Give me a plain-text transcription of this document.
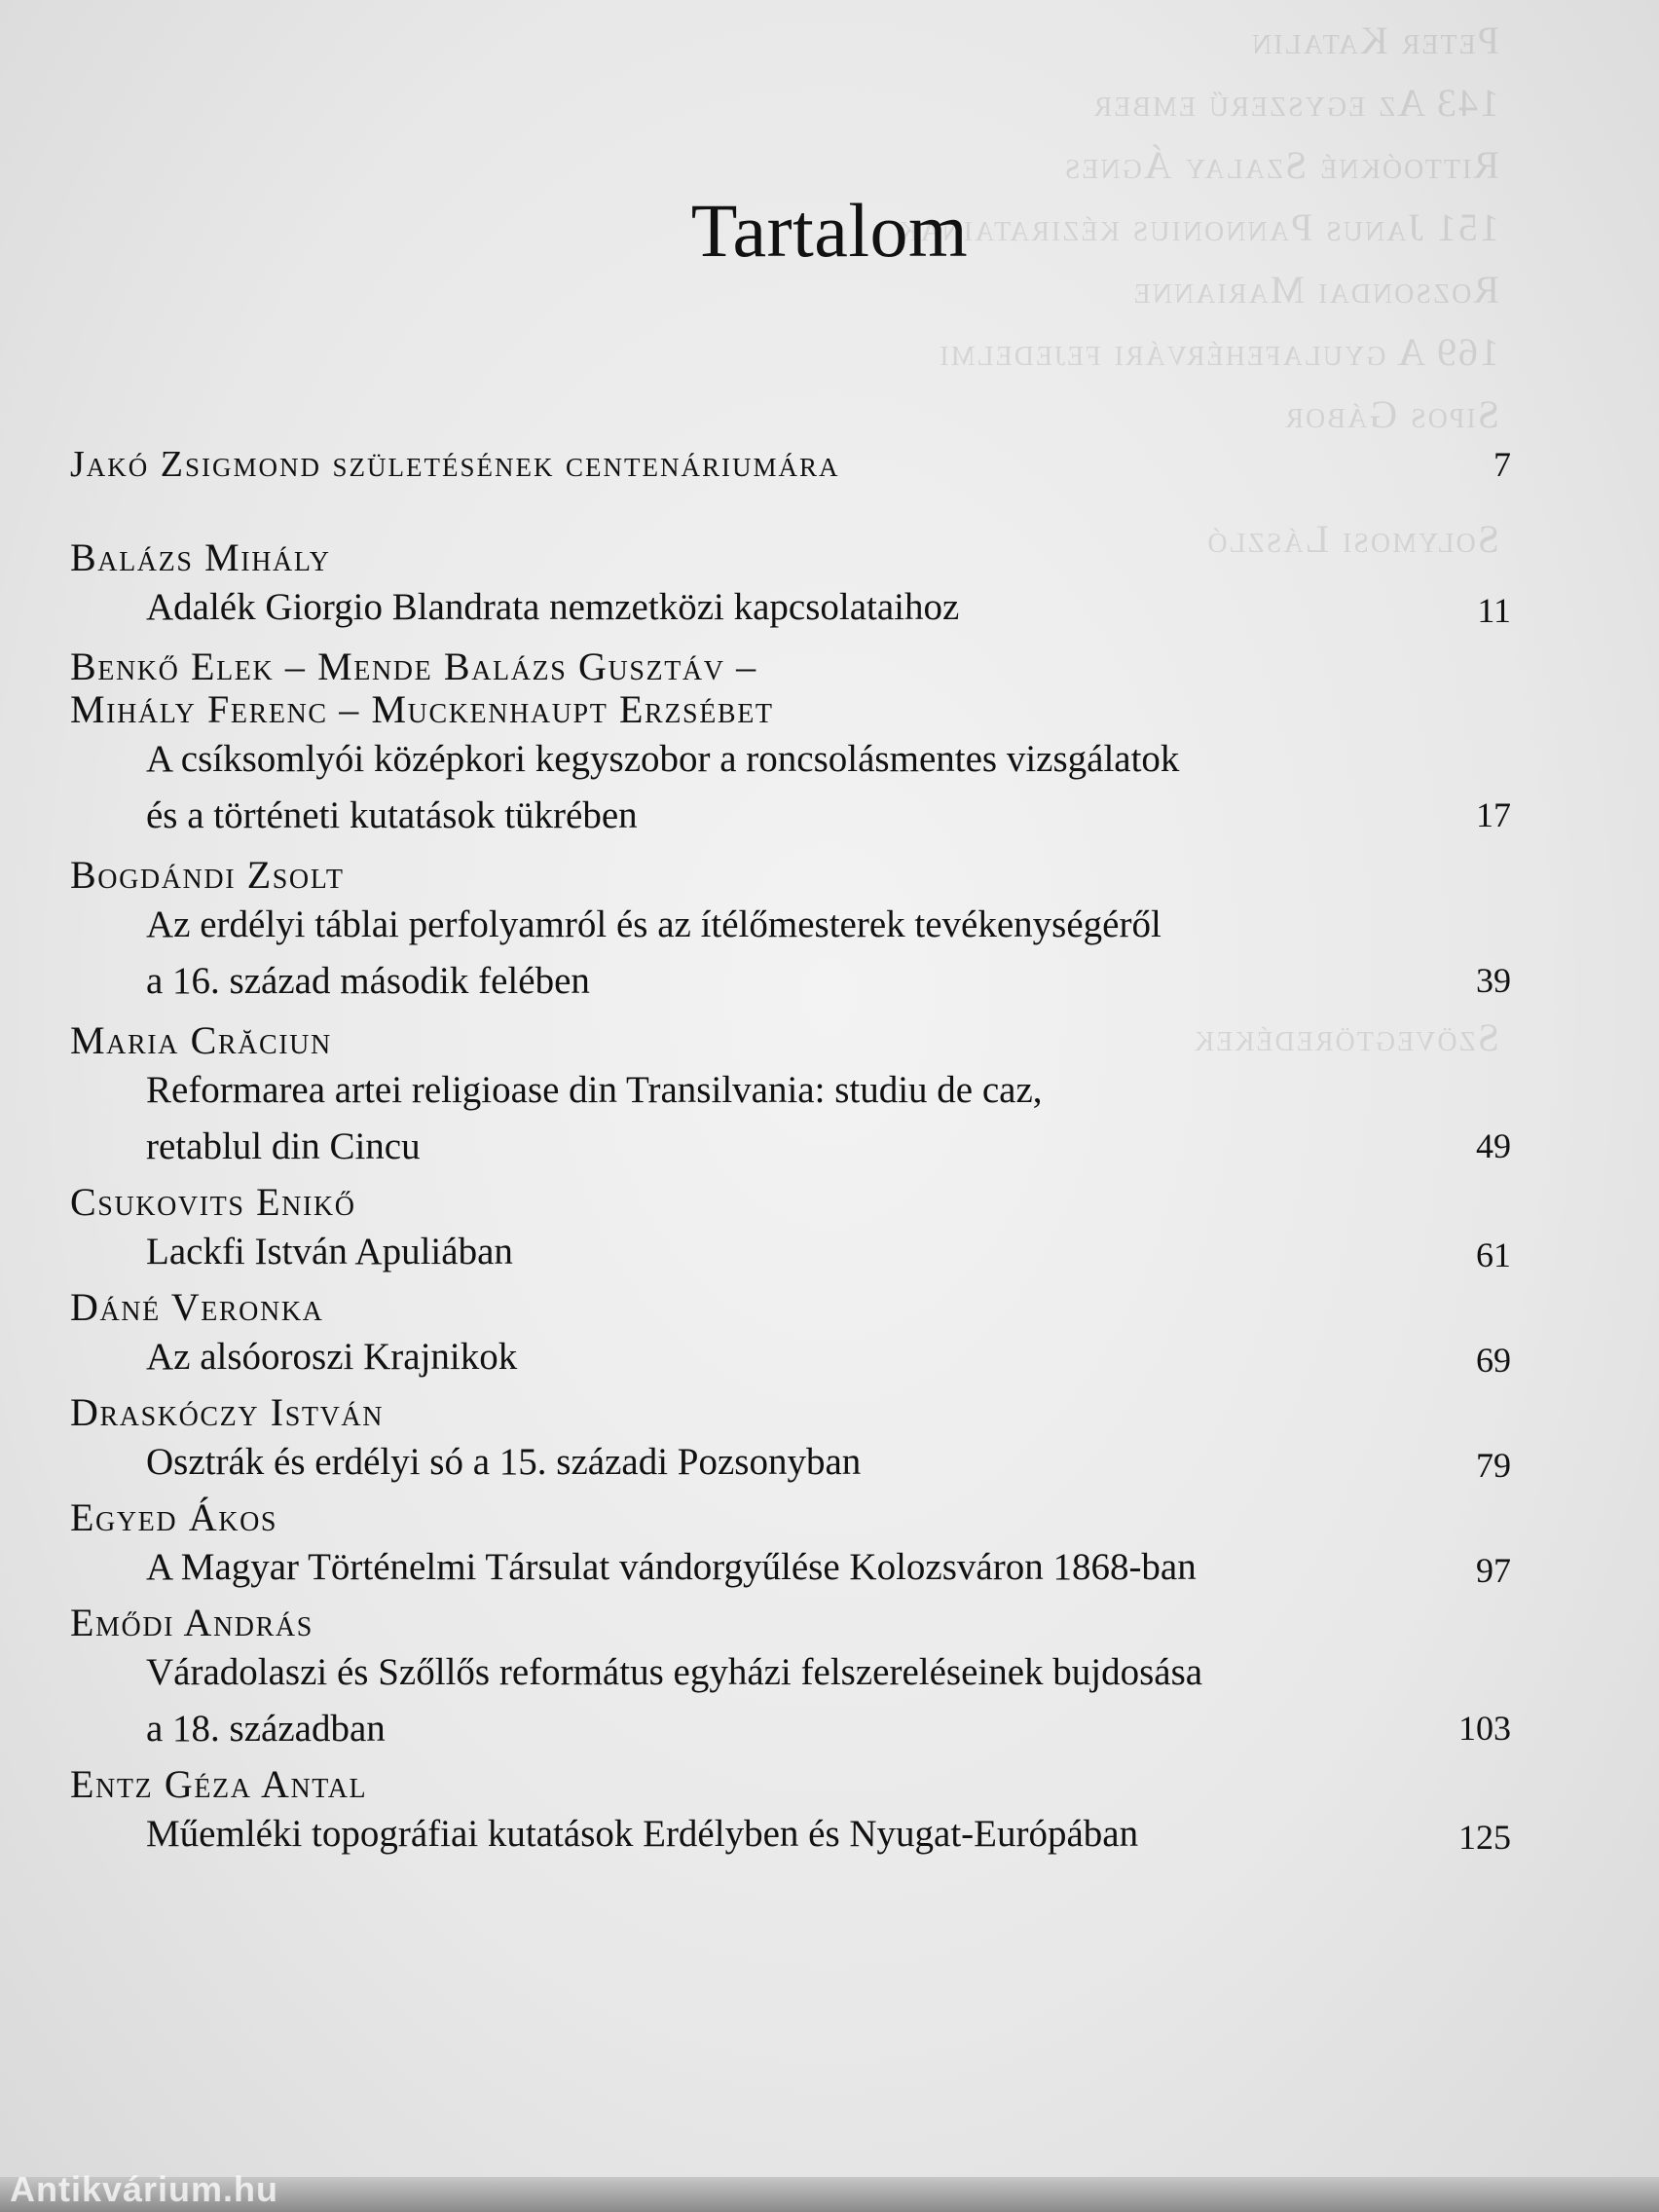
Peter Katalin
143 Az egyszerű ember
Rittoókné Szalay Ágnes
151 Janus Pannonius kéziratainak
Rozsondai Marianne
169 A gyulafehérvári fejedelmi
Sipos Gábor

Solymosi László

Szövegtöredékek

Tartalom

Jakó Zsigmond születésének centenáriumára	7

Balázs Mihály

Adalék Giorgio Blandrata nemzetközi kapcsolataihoz	11

Benkő Elek – Mende Balázs Gusztáv –
Mihály Ferenc – Muckenhaupt Erzsébet

A csíksomlyói középkori kegyszobor a roncsolásmentes vizsgálatok
és a történeti kutatások tükrében	17

Bogdándi Zsolt

Az erdélyi táblai perfolyamról és az ítélőmesterek tevékenységéről
a 16. század második felében	39

Maria Crăciun

Reformarea artei religioase din Transilvania: studiu de caz,
retablul din Cincu	49

Csukovits Enikő

Lackfi István Apuliában	61

Dáné Veronka

Az alsóoroszi Krajnikok	69

Draskóczy István

Osztrák és erdélyi só a 15. századi Pozsonyban	79

Egyed Ákos

A Magyar Történelmi Társulat vándorgyűlése Kolozsváron 1868-ban	97

Emődi András

Váradolaszi és Szőllős református egyházi felszereléseinek bujdosása
a 18. században	103

Entz Géza Antal

Műemléki topográfiai kutatások Erdélyben és Nyugat-Európában	125
Antikvárium.hu
